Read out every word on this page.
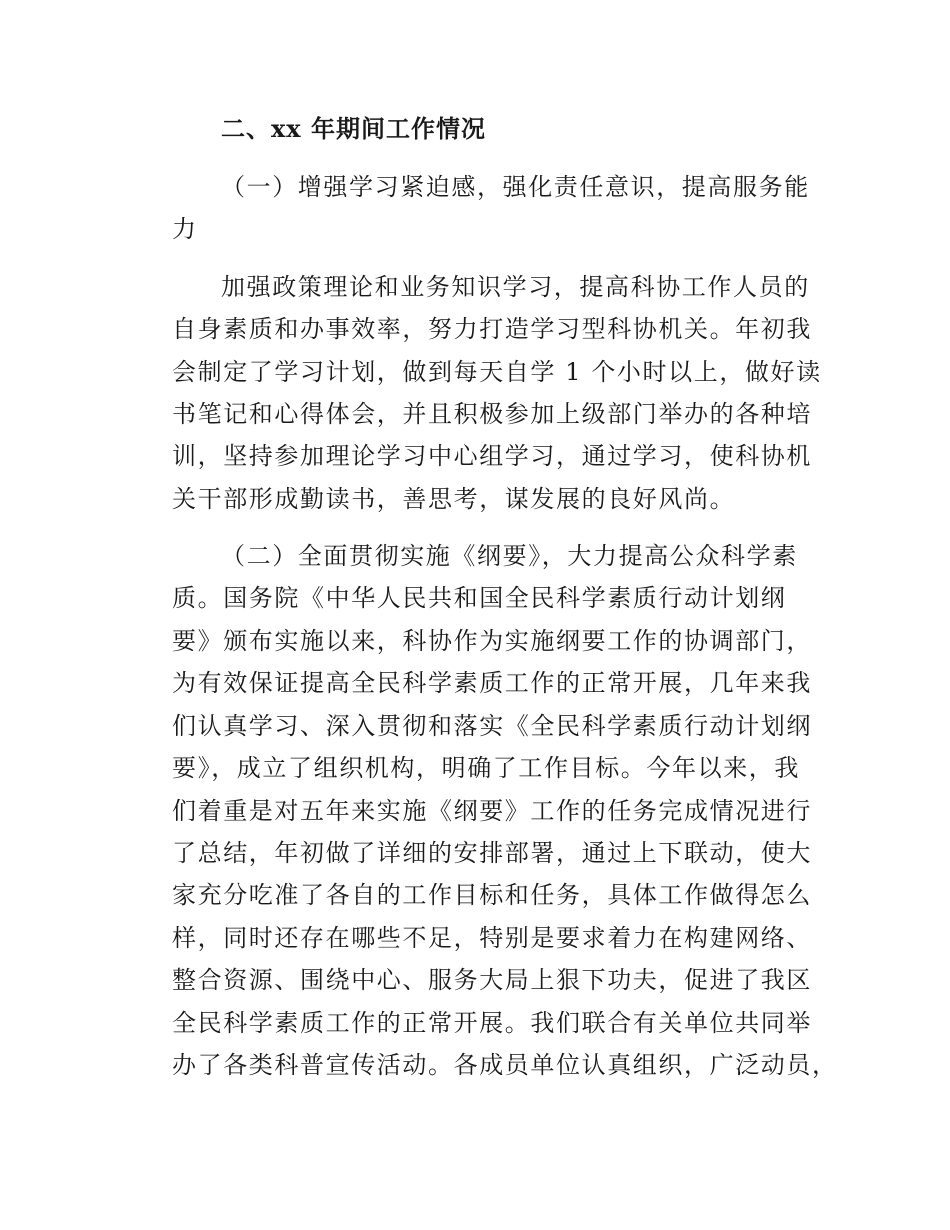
二、xx 年期间工作情况
（一）增强学习紧迫感，强化责任意识，提高服务能
力
加强政策理论和业务知识学习，提高科协工作人员的
自身素质和办事效率，努力打造学习型科协机关。年初我
会制定了学习计划，做到每天自学 1 个小时以上，做好读
书笔记和心得体会，并且积极参加上级部门举办的各种培
训，坚持参加理论学习中心组学习，通过学习，使科协机
关干部形成勤读书，善思考，谋发展的良好风尚。
（二）全面贯彻实施《纲要》，大力提高公众科学素
质。国务院《中华人民共和国全民科学素质行动计划纲
要》颁布实施以来，科协作为实施纲要工作的协调部门，
为有效保证提高全民科学素质工作的正常开展，几年来我
们认真学习、深入贯彻和落实《全民科学素质行动计划纲
要》，成立了组织机构，明确了工作目标。今年以来，我
们着重是对五年来实施《纲要》工作的任务完成情况进行
了总结，年初做了详细的安排部署，通过上下联动，使大
家充分吃准了各自的工作目标和任务，具体工作做得怎么
样，同时还存在哪些不足，特别是要求着力在构建网络、
整合资源、围绕中心、服务大局上狠下功夫，促进了我区
全民科学素质工作的正常开展。我们联合有关单位共同举
办了各类科普宣传活动。各成员单位认真组织，广泛动员，
